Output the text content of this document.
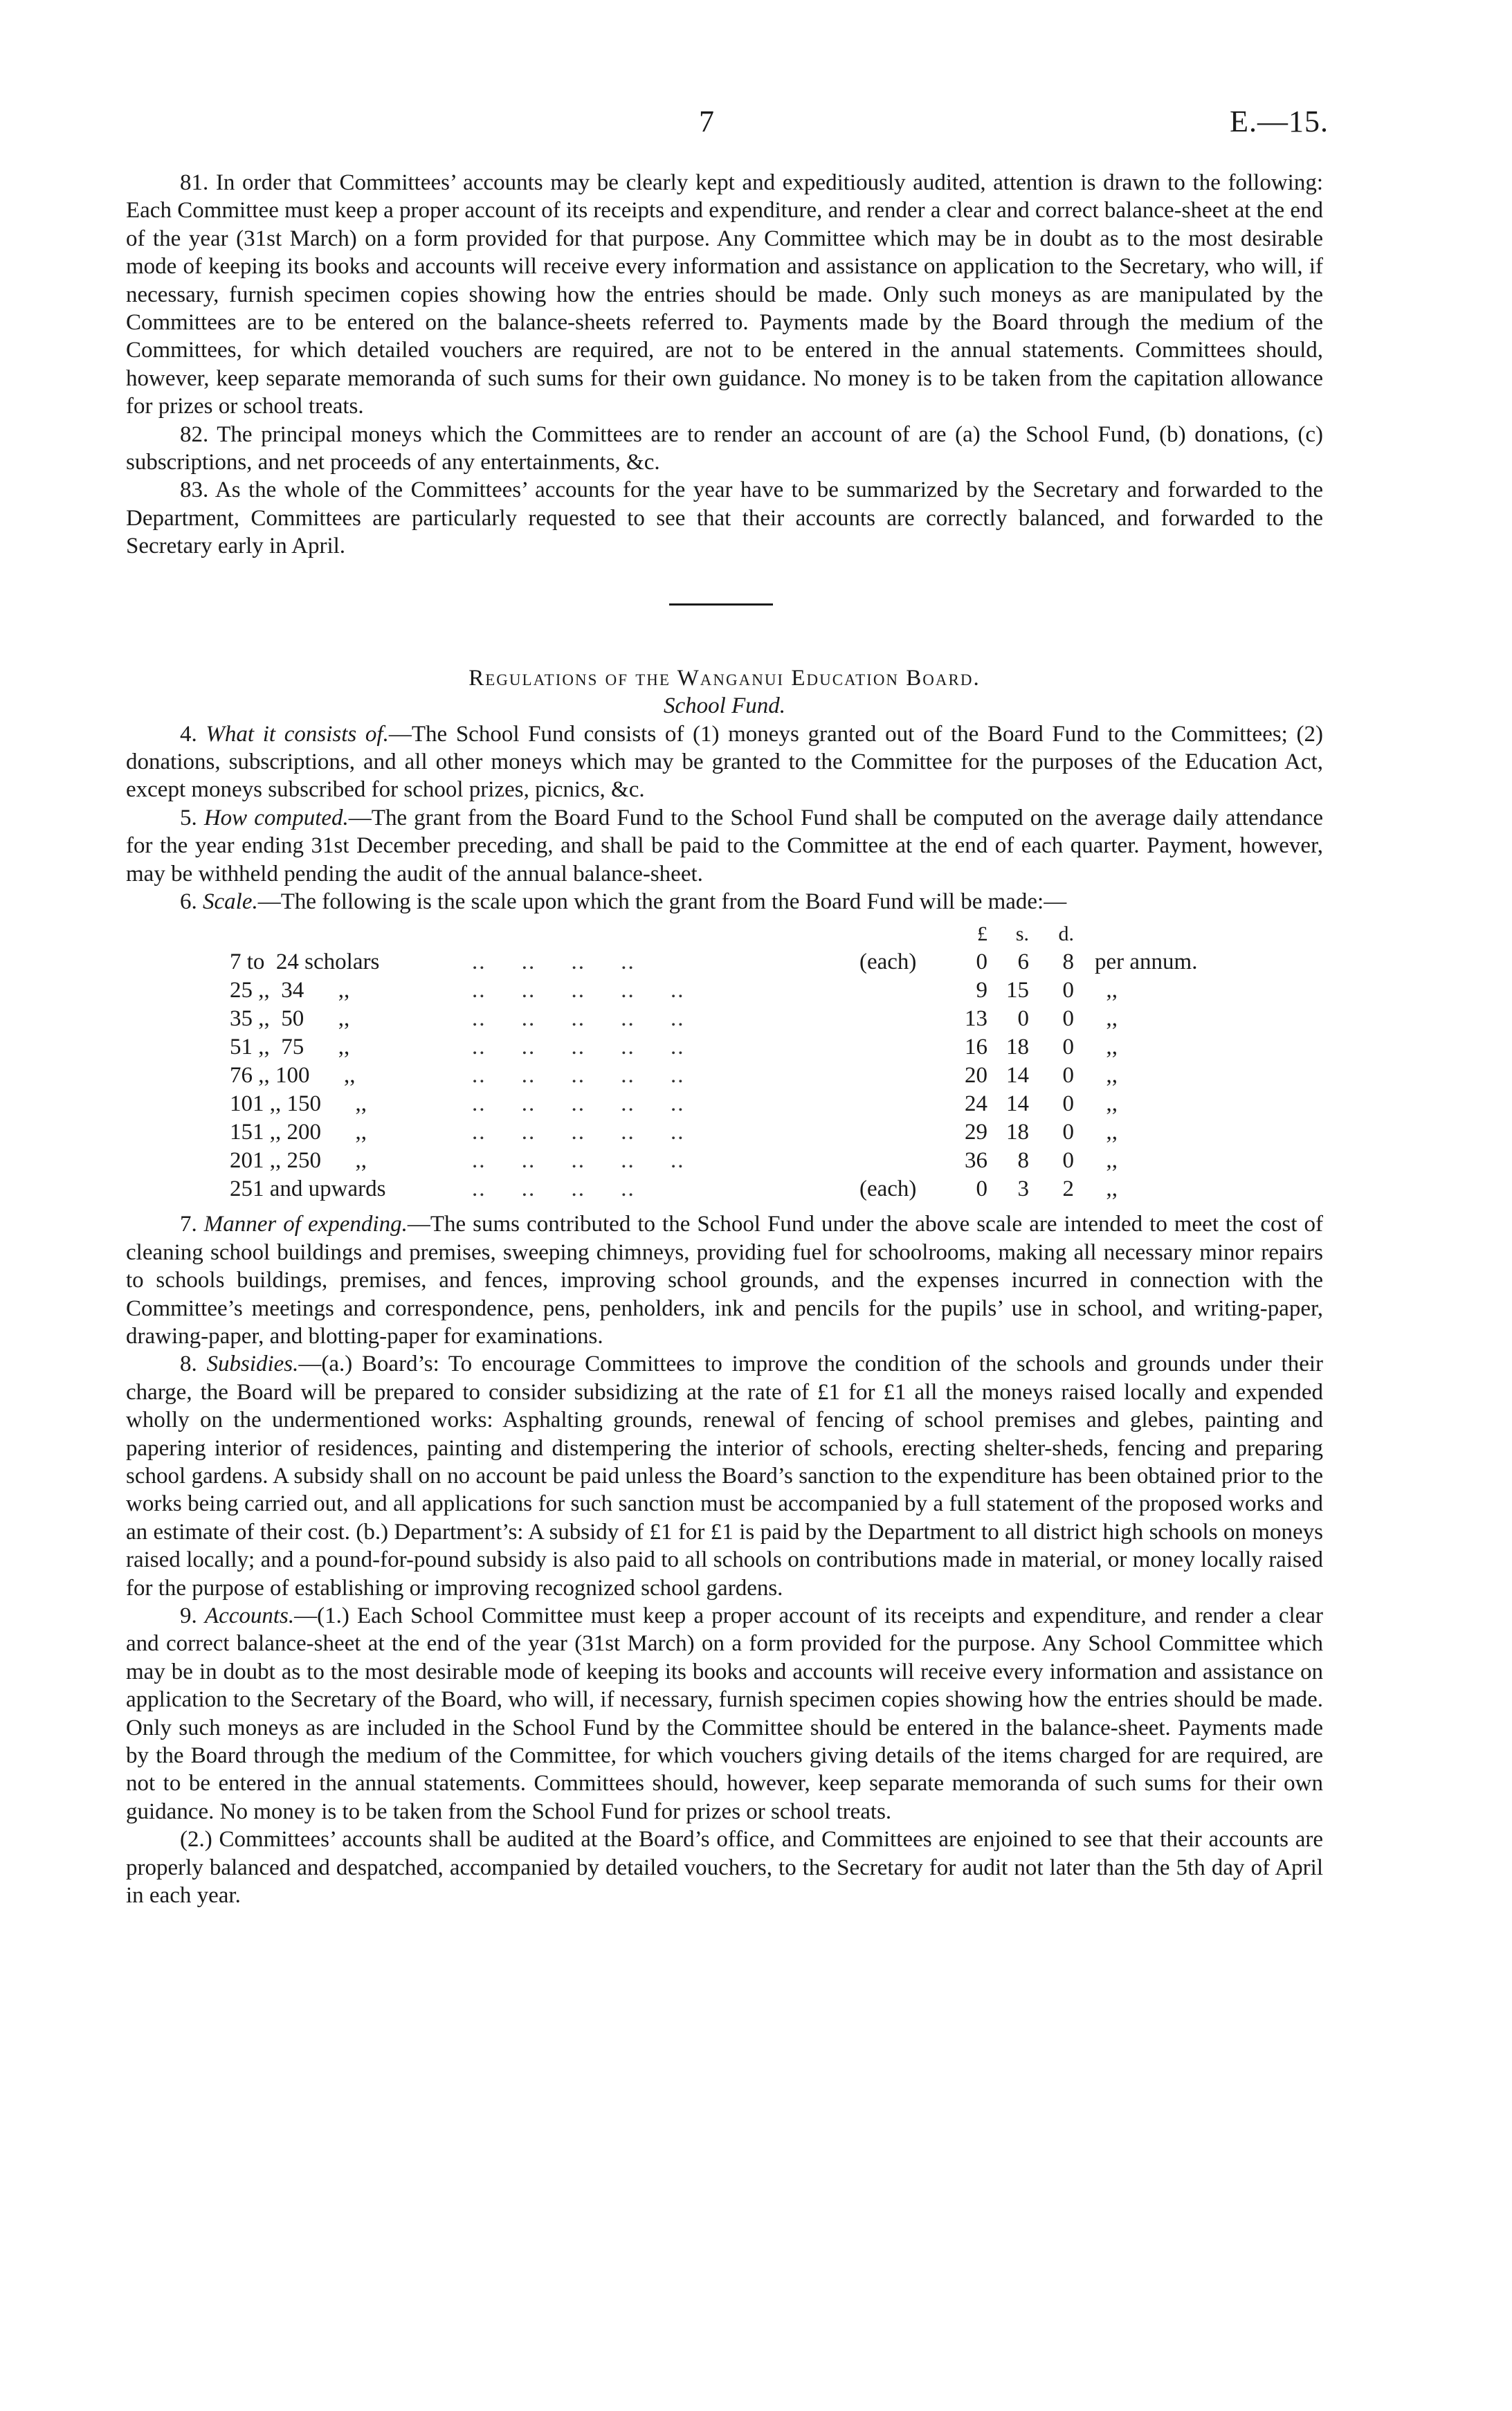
7	E.—15.

81. In order that Committees’ accounts may be clearly kept and expeditiously audited, attention is drawn to the following: Each Committee must keep a proper account of its receipts and expenditure, and render a clear and correct balance-sheet at the end of the year (31st March) on a form provided for that purpose. Any Committee which may be in doubt as to the most desirable mode of keeping its books and accounts will receive every information and assistance on application to the Secretary, who will, if necessary, furnish specimen copies showing how the entries should be made. Only such moneys as are manipulated by the Committees are to be entered on the balance-sheets referred to. Payments made by the Board through the medium of the Committees, for which detailed vouchers are required, are not to be entered in the annual statements. Committees should, however, keep separate memoranda of such sums for their own guidance. No money is to be taken from the capitation allowance for prizes or school treats.

82. The principal moneys which the Committees are to render an account of are (a) the School Fund, (b) donations, (c) subscriptions, and net proceeds of any entertainments, &c.

83. As the whole of the Committees’ accounts for the year have to be summarized by the Secretary and forwarded to the Department, Committees are particularly requested to see that their accounts are correctly balanced, and forwarded to the Secretary early in April.

Regulations of the Wanganui Education Board.

School Fund.

4. What it consists of.—The School Fund consists of (1) moneys granted out of the Board Fund to the Committees; (2) donations, subscriptions, and all other moneys which may be granted to the Committee for the purposes of the Education Act, except moneys subscribed for school prizes, picnics, &c.

5. How computed.—The grant from the Board Fund to the School Fund shall be computed on the average daily attendance for the year ending 31st December preceding, and shall be paid to the Committee at the end of each quarter. Payment, however, may be withheld pending the audit of the annual balance-sheet.

6. Scale.—The following is the scale upon which the grant from the Board Fund will be made:—

£	s.	d.
7 to  24 scholars	..     ..     ..     ..	(each)	0	6	8 per annum.
25 ,,  34      ,,	..     ..     ..     ..     ..	9 15	0 ,,
35 ,,  50      ,,	..     ..     ..     ..     ..	13	0	0 ,,
51 ,,  75      ,,	..     ..     ..     ..     ..	16 18	0 ,,
76 ,, 100      ,,	..     ..     ..     ..     ..	20 14	0 ,,
101 ,, 150      ,,	..     ..     ..     ..     ..	24 14	0 ,,
151 ,, 200      ,,	..     ..     ..     ..     ..	29 18	0 ,,
201 ,, 250      ,,	..     ..     ..     ..     ..	36	8	0 ,,
251 and upwards	..     ..     ..     ..	(each)	0	3	2 ,,

7. Manner of expending.—The sums contributed to the School Fund under the above scale are intended to meet the cost of cleaning school buildings and premises, sweeping chimneys, providing fuel for schoolrooms, making all necessary minor repairs to schools buildings, premises, and fences, improving school grounds, and the expenses incurred in connection with the Committee’s meetings and correspondence, pens, penholders, ink and pencils for the pupils’ use in school, and writing-paper, drawing-paper, and blotting-paper for examinations.

8. Subsidies.—(a.) Board’s: To encourage Committees to improve the condition of the schools and grounds under their charge, the Board will be prepared to consider subsidizing at the rate of £1 for £1 all the moneys raised locally and expended wholly on the undermentioned works: Asphalting grounds, renewal of fencing of school premises and glebes, painting and papering interior of residences, painting and distempering the interior of schools, erecting shelter-sheds, fencing and preparing school gardens. A subsidy shall on no account be paid unless the Board’s sanction to the expenditure has been obtained prior to the works being carried out, and all applications for such sanction must be accompanied by a full statement of the proposed works and an estimate of their cost. (b.) Department’s: A subsidy of £1 for £1 is paid by the Department to all district high schools on moneys raised locally; and a pound-for-pound subsidy is also paid to all schools on contributions made in material, or money locally raised for the purpose of establishing or improving recognized school gardens.

9. Accounts.—(1.) Each School Committee must keep a proper account of its receipts and expenditure, and render a clear and correct balance-sheet at the end of the year (31st March) on a form provided for the purpose. Any School Committee which may be in doubt as to the most desirable mode of keeping its books and accounts will receive every information and assistance on application to the Secretary of the Board, who will, if necessary, furnish specimen copies showing how the entries should be made. Only such moneys as are included in the School Fund by the Committee should be entered in the balance-sheet. Payments made by the Board through the medium of the Committee, for which vouchers giving details of the items charged for are required, are not to be entered in the annual statements. Committees should, however, keep separate memoranda of such sums for their own guidance. No money is to be taken from the School Fund for prizes or school treats.

(2.) Committees’ accounts shall be audited at the Board’s office, and Committees are enjoined to see that their accounts are properly balanced and despatched, accompanied by detailed vouchers, to the Secretary for audit not later than the 5th day of April in each year.
